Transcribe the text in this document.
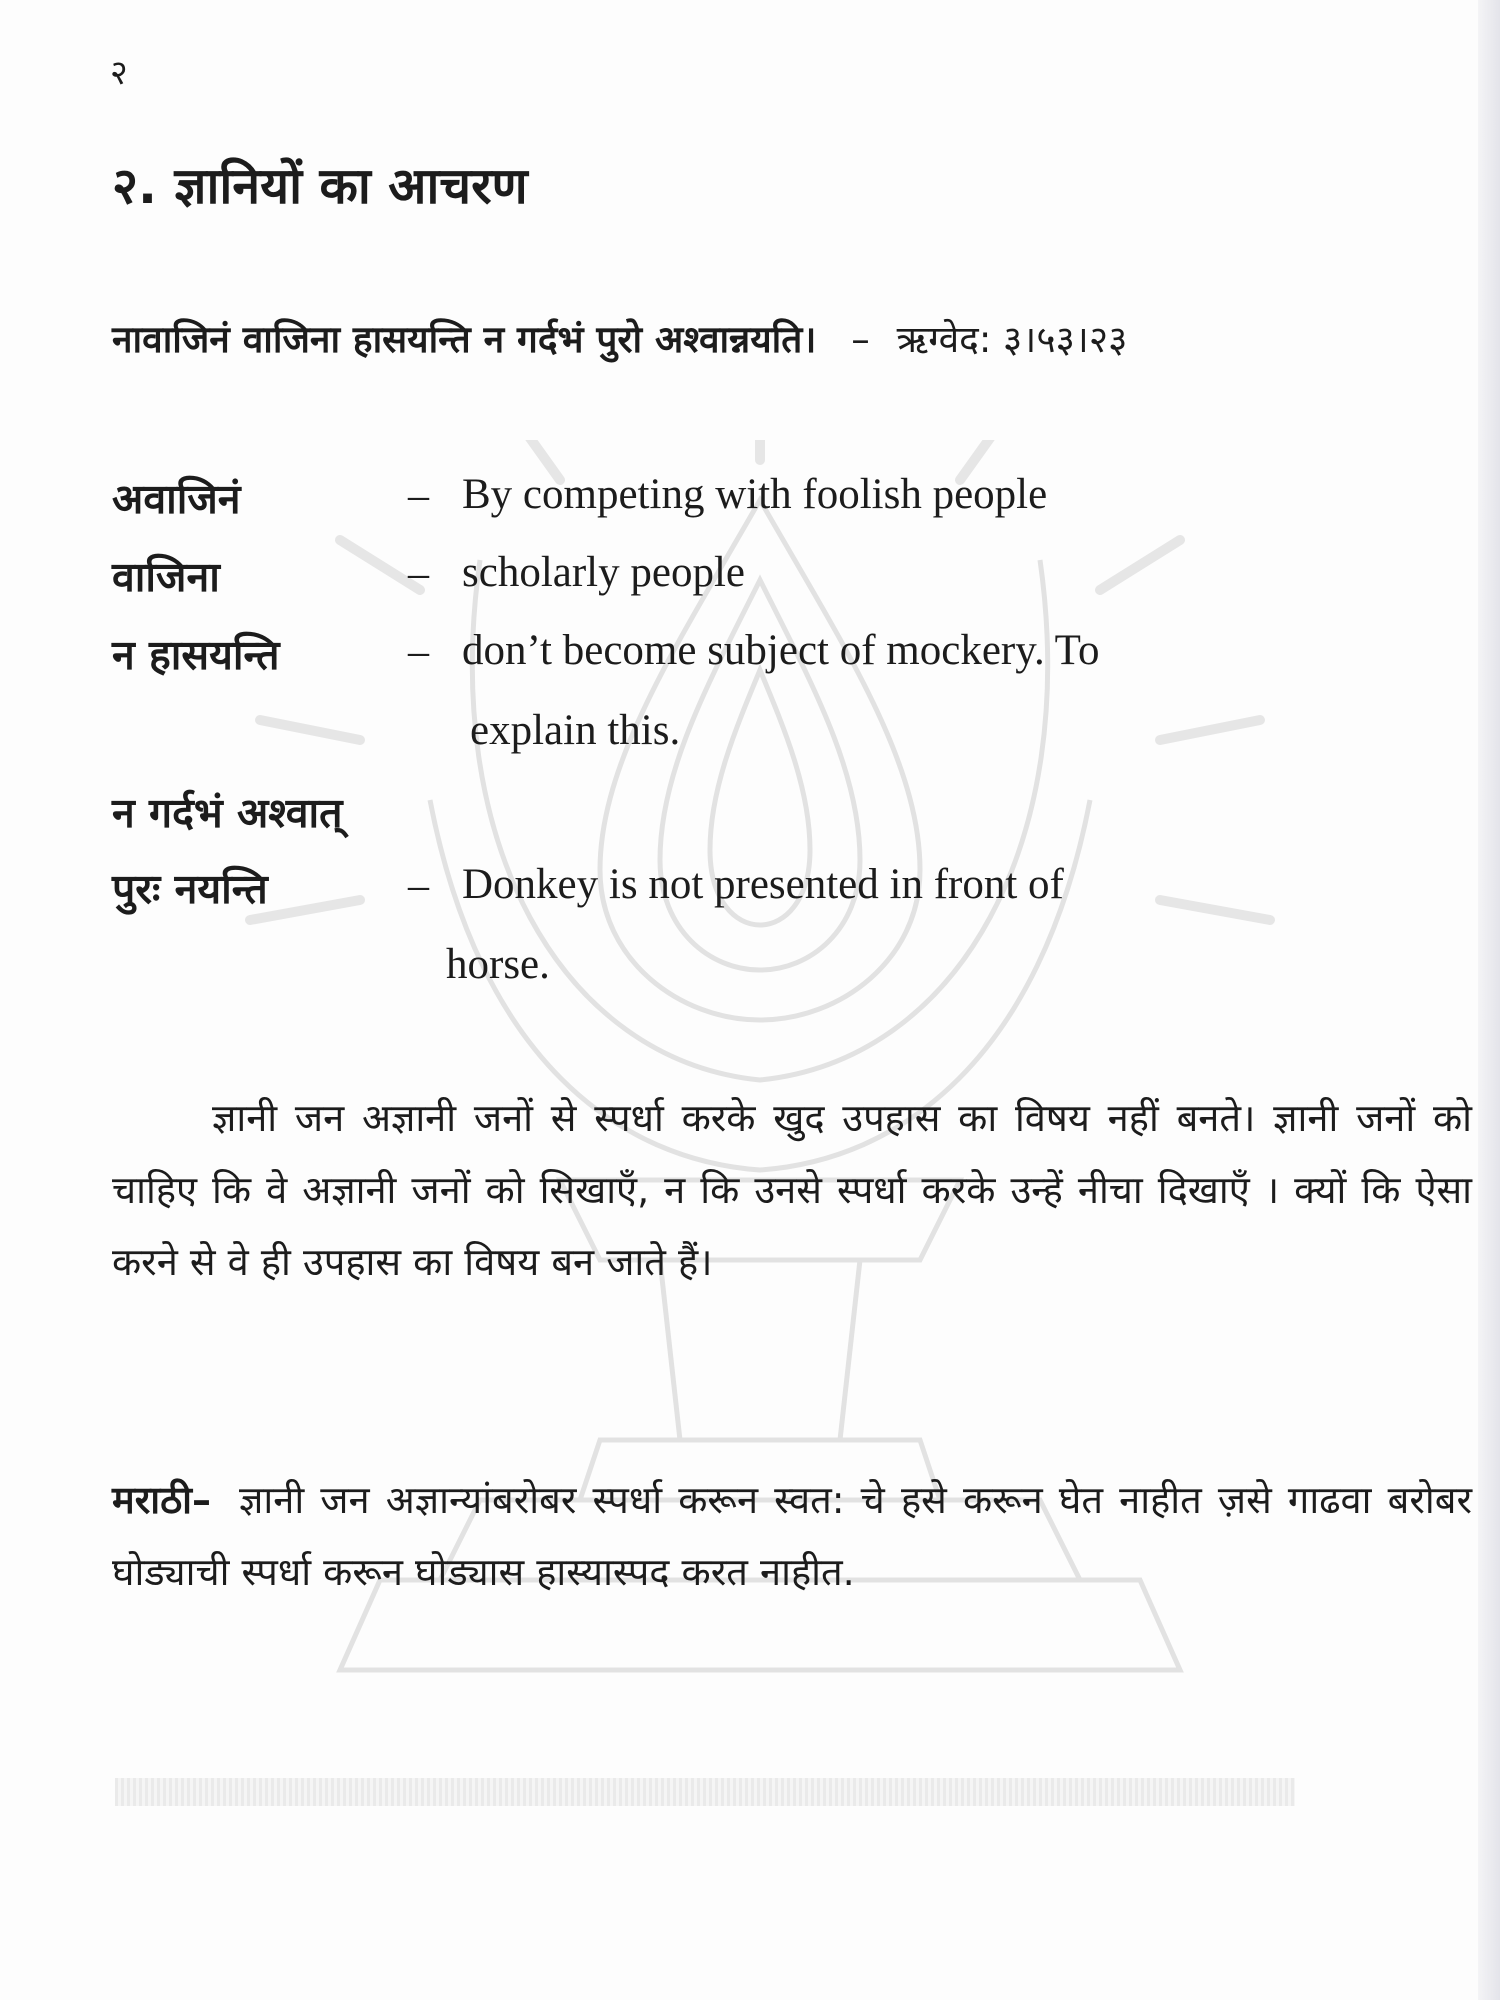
२
२. ज्ञानियों का आचरण
नावाजिनं वाजिना हासयन्ति न गर्दभं पुरो अश्वान्नयति। – ऋग्वेद: ३।५३।२३
अवाजिनं	– By competing with foolish people
वाजिना	– scholarly people
न हासयन्ति	– don’t become subject of mockery. To
explain this.
न गर्दभं अश्वात्
पुरः नयन्ति	– Donkey is not presented in front of
horse.

ज्ञानी जन अज्ञानी जनों से स्पर्धा करके खुद उपहास का विषय नहीं बनते। ज्ञानी जनों को चाहिए कि वे अज्ञानी जनों को सिखाएँ, न कि उनसे स्पर्धा करके उन्हें नीचा दिखाएँ । क्यों कि ऐसा करने से वे ही उपहास का विषय बन जाते हैं।

मराठी– ज्ञानी जन अज्ञान्यांबरोबर स्पर्धा करून स्वत: चे हसे करून घेत नाहीत ज़से गाढवा बरोबर घोड्याची स्पर्धा करून घोड्यास हास्यास्पद करत नाहीत.
